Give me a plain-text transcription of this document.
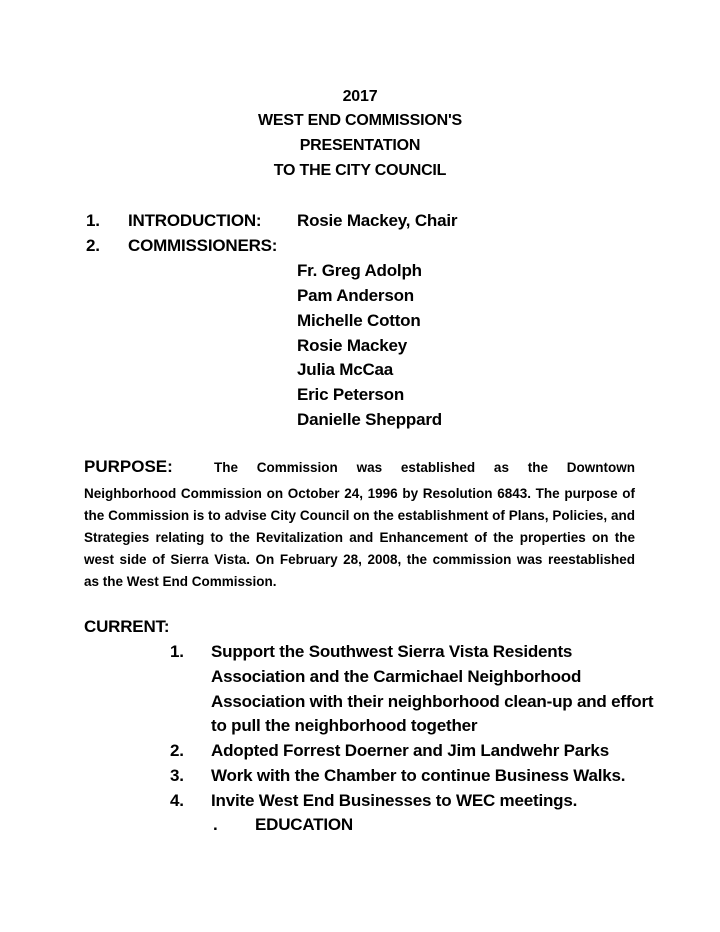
2017
WEST END COMMISSION'S
PRESENTATION
TO THE CITY COUNCIL
1. INTRODUCTION: Rosie Mackey, Chair
2. COMMISSIONERS:
Fr. Greg Adolph
Pam Anderson
Michelle Cotton
Rosie Mackey
Julia McCaa
Eric Peterson
Danielle Sheppard
PURPOSE:	The Commission was established as the Downtown
Neighborhood Commission on October 24, 1996 by Resolution 6843. The purpose of
the Commission is to advise City Council on the establishment of Plans, Policies, and
Strategies relating to the Revitalization and Enhancement of the properties on the
west side of Sierra Vista. On February 28, 2008, the commission was reestablished
as the West End Commission.
CURRENT:
1. Support the Southwest Sierra Vista Residents
Association and the Carmichael Neighborhood
Association with their neighborhood clean-up and effort
to pull the neighborhood together
2. Adopted Forrest Doerner and Jim Landwehr Parks
3. Work with the Chamber to continue Business Walks.
4. Invite West End Businesses to WEC meetings.
. EDUCATION
